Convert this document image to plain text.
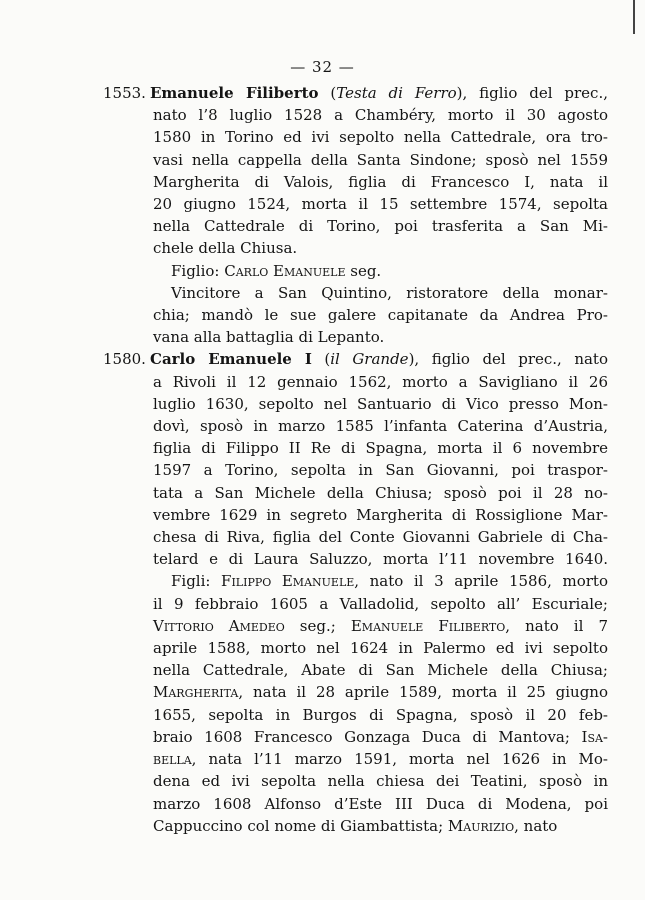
— 32 —
1553. Emanuele Filiberto (Testa di Ferro), figlio del prec.,
nato l’8 luglio 1528 a Chambéry, morto il 30 agosto
1580 in Torino ed ivi sepolto nella Cattedrale, ora tro-
vasi nella cappella della Santa Sindone; sposò nel 1559
Margherita di Valois, figlia di Francesco I, nata il
20 giugno 1524, morta il 15 settembre 1574, sepolta
nella Cattedrale di Torino, poi trasferita a San Mi-
chele della Chiusa.
Figlio: Carlo Emanuele seg.
Vincitore a San Quintino, ristoratore della monar-
chia; mandò le sue galere capitanate da Andrea Pro-
vana alla battaglia di Lepanto.
1580. Carlo Emanuele I (il Grande), figlio del prec., nato
a Rivoli il 12 gennaio 1562, morto a Savigliano il 26
luglio 1630, sepolto nel Santuario di Vico presso Mon-
dovì, sposò in marzo 1585 l’infanta Caterina d’Austria,
figlia di Filippo II Re di Spagna, morta il 6 novembre
1597 a Torino, sepolta in San Giovanni, poi traspor-
tata a San Michele della Chiusa; sposò poi il 28 no-
vembre 1629 in segreto Margherita di Rossiglione Mar-
chesa di Riva, figlia del Conte Giovanni Gabriele di Cha-
telard e di Laura Saluzzo, morta l’11 novembre 1640.
Figli: Filippo Emanuele, nato il 3 aprile 1586, morto
il 9 febbraio 1605 a Valladolid, sepolto all’ Escuriale;
Vittorio Amedeo seg.; Emanuele Filiberto, nato il 7
aprile 1588, morto nel 1624 in Palermo ed ivi sepolto
nella Cattedrale, Abate di San Michele della Chiusa;
Margherita, nata il 28 aprile 1589, morta il 25 giugno
1655, sepolta in Burgos di Spagna, sposò il 20 feb-
braio 1608 Francesco Gonzaga Duca di Mantova; Isa-
bella, nata l’11 marzo 1591, morta nel 1626 in Mo-
dena ed ivi sepolta nella chiesa dei Teatini, sposò in
marzo 1608 Alfonso d’Este III Duca di Modena, poi
Cappuccino col nome di Giambattista; Maurizio, nato
